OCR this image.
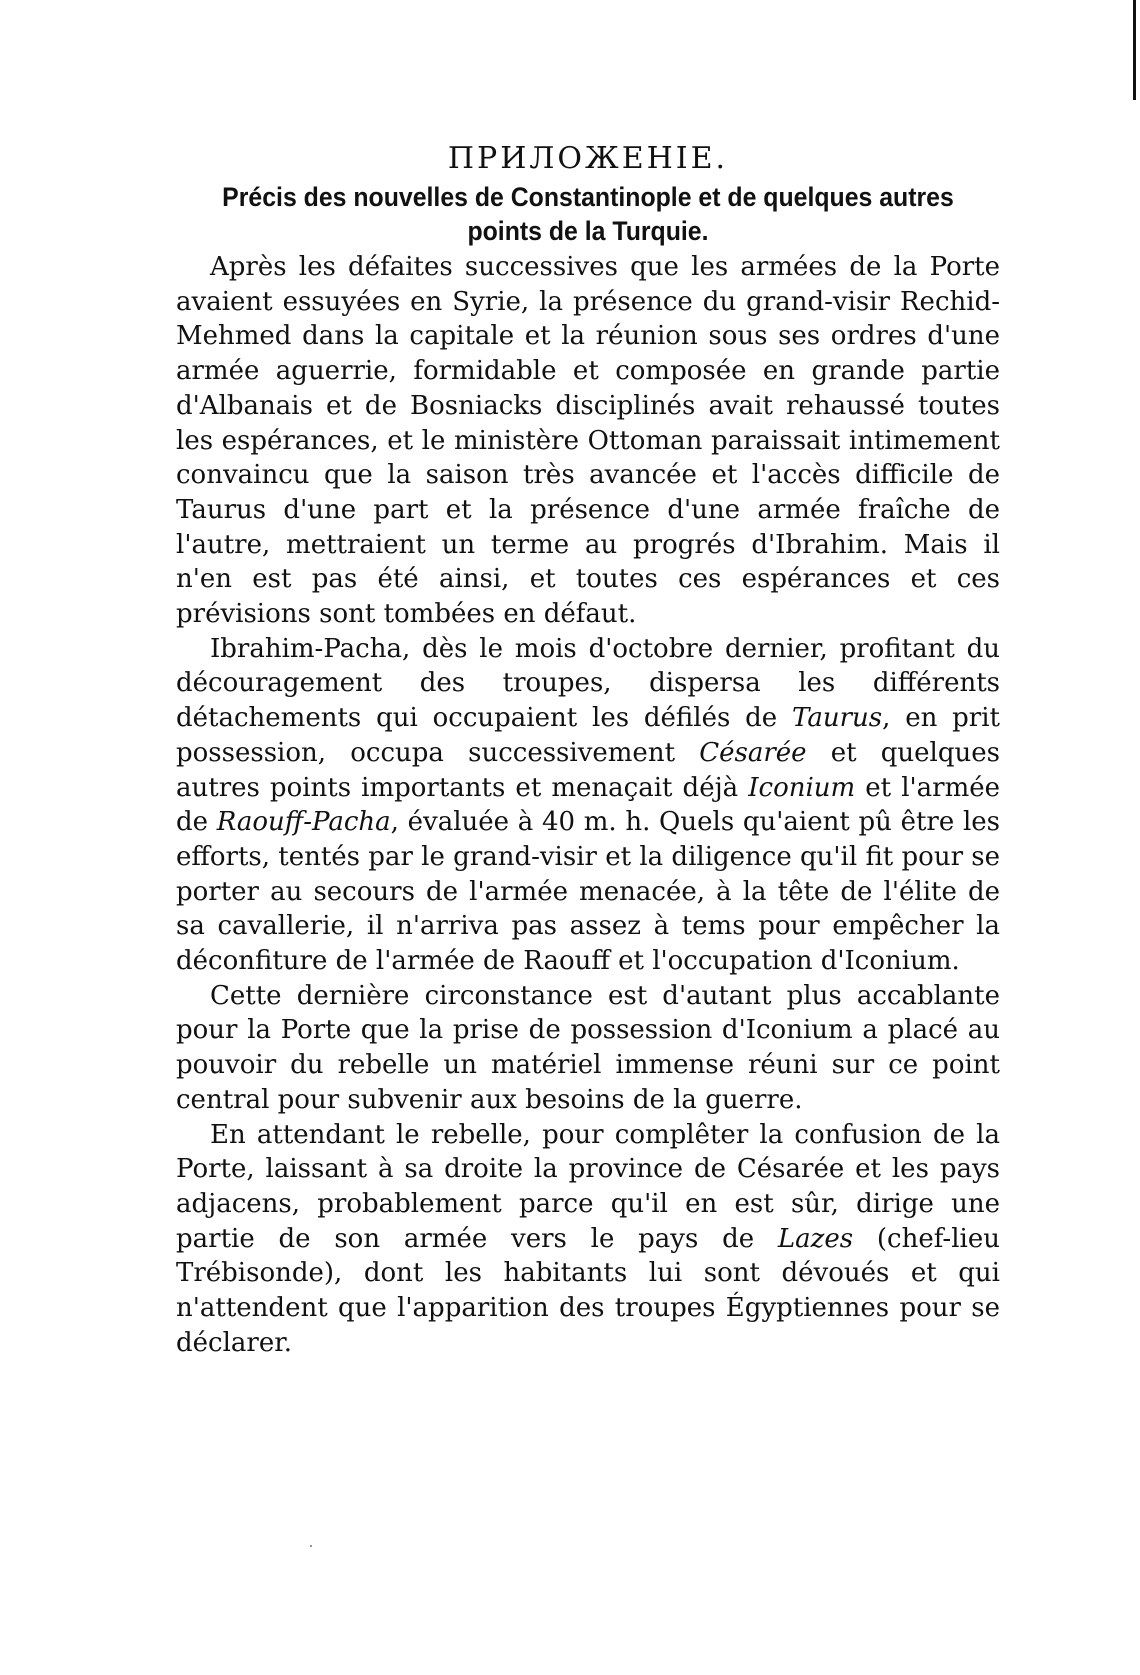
ПРИЛОЖЕНІЕ.

Précis des nouvelles de Constantinople et de quelques autres points de la Turquie.

Après les défaites successives que les armées de la Porte avaient essuyées en Syrie, la présence du grand-visir Rechid-Mehmed dans la capitale et la réunion sous ses ordres d'une armée aguerrie, formidable et composée en grande partie d'Albanais et de Bosniacks disciplinés avait rehaussé toutes les espérances, et le ministère Ottoman paraissait intimement convaincu que la saison très avancée et l'accès difficile de Taurus d'une part et la présence d'une armée fraîche de l'autre, mettraient un terme au progrés d'Ibrahim. Mais il n'en est pas été ainsi, et toutes ces espérances et ces prévisions sont tombées en défaut.

Ibrahim-Pacha, dès le mois d'octobre dernier, profitant du découragement des troupes, dispersa les différents détachements qui occupaient les défilés de Taurus, en prit possession, occupa successivement Césarée et quelques autres points importants et menaçait déjà Iconium et l'armée de Raouff-Pacha, évaluée à 40 m. h. Quels qu'aient pû être les efforts, tentés par le grand-visir et la diligence qu'il fit pour se porter au secours de l'armée menacée, à la tête de l'élite de sa cavallerie, il n'arriva pas assez à tems pour empêcher la déconfiture de l'armée de Raouff et l'occupation d'Iconium.

Cette dernière circonstance est d'autant plus accablante pour la Porte que la prise de possession d'Iconium a placé au pouvoir du rebelle un matériel immense réuni sur ce point central pour subvenir aux besoins de la guerre.

En attendant le rebelle, pour complêter la confusion de la Porte, laissant à sa droite la province de Césarée et les pays adjacens, probablement parce qu'il en est sûr, dirige une partie de son armée vers le pays de Lazes (chef-lieu Trébisonde), dont les habitants lui sont dévoués et qui n'attendent que l'apparition des troupes Égyptiennes pour se déclarer.
